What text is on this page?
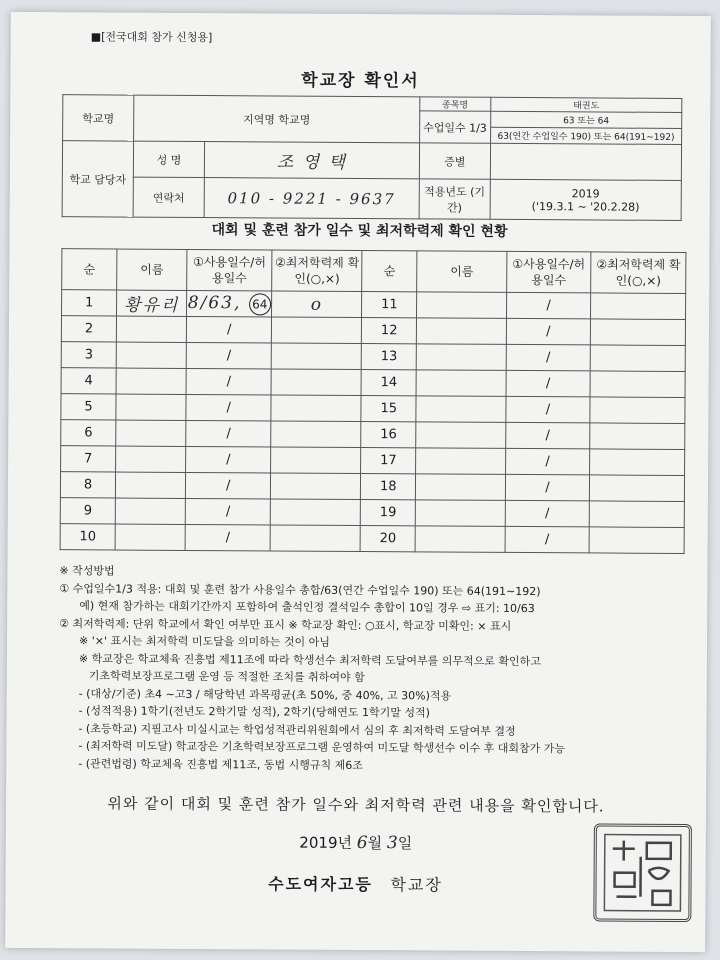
■[전국대회 참가 신청용]
학교장 확인서
학교명	지역명 학교명		종목명	태권도
			수업일수 1/3	63 또는 64
				63(연간 수업일수 190) 또는 64(191~192)
학교 담당자	성 명	조 영 택	증별	
	연락처	010 - 9221 - 9637	적용년도 (기간)	2019
('19.3.1 ~ '20.2.28)
대회 및 훈련 참가 일수 및 최저학력제 확인 현황
순	이름	①사용일수/허용일수	②최저학력제 확인(○,×)	순	이름	①사용일수/허용일수	②최저학력제 확인(○,×)
1	황유리	8/63, 64	o	11		/	
2		/		12		/	
3		/		13		/	
4		/		14		/	
5		/		15		/	
6		/		16		/	
7		/		17		/	
8		/		18		/	
9		/		19		/	
10		/		20		/	
※ 작성방법
① 수업일수1/3 적용: 대회 및 훈련 참가 사용일수 총합/63(연간 수업일수 190) 또는 64(191~192)
예) 현재 참가하는 대회기간까지 포함하여 출석인정 결석일수 총합이 10일 경우 ⇨ 표기: 10/63
② 최저학력제: 단위 학교에서 확인 여부만 표시 ※ 학교장 확인: ○표시, 학교장 미확인: × 표시
※ '×' 표시는 최저학력 미도달을 의미하는 것이 아님
※ 학교장은 학교체육 진흥법 제11조에 따라 학생선수 최저학력 도달여부를 의무적으로 확인하고
기초학력보장프로그램 운영 등 적절한 조치를 취하여야 함
- (대상/기준) 초4 ~고3 / 해당학년 과목평균(초 50%, 중 40%, 고 30%)적용
- (성적적용) 1학기(전년도 2학기말 성적), 2학기(당해연도 1학기말 성적)
- (초등학교) 지필고사 미실시교는 학업성적관리위원회에서 심의 후 최저학력 도달여부 결정
- (최저학력 미도달) 학교장은 기초학력보장프로그램 운영하여 미도달 학생선수 이수 후 대회참가 가능
- (관련법령) 학교체육 진흥법 제11조, 동법 시행규칙 제6조
위와 같이 대회 및 훈련 참가 일수와 최저학력 관련 내용을 확인합니다.
2019년 6월 3일
수도여자고등 학교장
